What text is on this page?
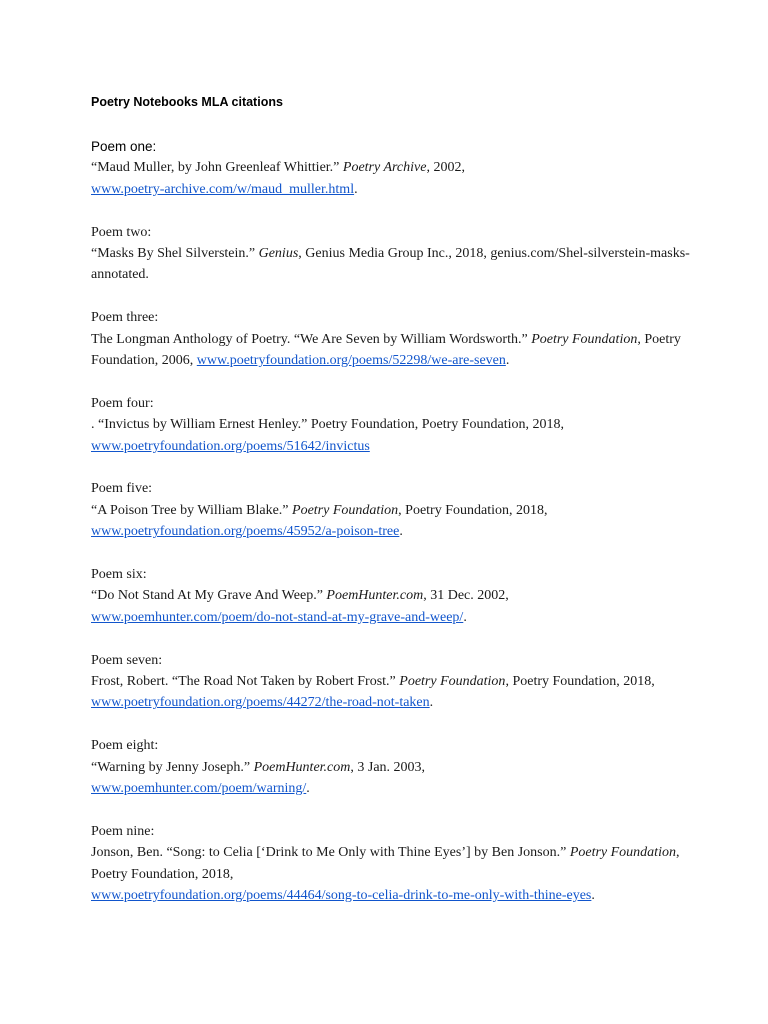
Poetry Notebooks MLA citations

Poem one:

“Maud Muller, by John Greenleaf Whittier.” Poetry Archive, 2002,
www.poetry-archive.com/w/maud_muller.html.

Poem two:

“Masks By Shel Silverstein.” Genius, Genius Media Group Inc., 2018, genius.com/Shel-silverstein-masks-annotated.

Poem three:

The Longman Anthology of Poetry. “We Are Seven by William Wordsworth.” Poetry Foundation, Poetry Foundation, 2006, www.poetryfoundation.org/poems/52298/we-are-seven.

Poem four:

. “Invictus by William Ernest Henley.” Poetry Foundation, Poetry Foundation, 2018,
www.poetryfoundation.org/poems/51642/invictus

Poem five:

“A Poison Tree by William Blake.” Poetry Foundation, Poetry Foundation, 2018,
www.poetryfoundation.org/poems/45952/a-poison-tree.

Poem six:

“Do Not Stand At My Grave And Weep.” PoemHunter.com, 31 Dec. 2002,
www.poemhunter.com/poem/do-not-stand-at-my-grave-and-weep/.

Poem seven:

Frost, Robert. “The Road Not Taken by Robert Frost.” Poetry Foundation, Poetry Foundation, 2018, www.poetryfoundation.org/poems/44272/the-road-not-taken.

Poem eight:

“Warning by Jenny Joseph.” PoemHunter.com, 3 Jan. 2003,
www.poemhunter.com/poem/warning/.

Poem nine:

Jonson, Ben. “Song: to Celia [‘Drink to Me Only with Thine Eyes’] by Ben Jonson.” Poetry Foundation, Poetry Foundation, 2018,
www.poetryfoundation.org/poems/44464/song-to-celia-drink-to-me-only-with-thine-eyes.
